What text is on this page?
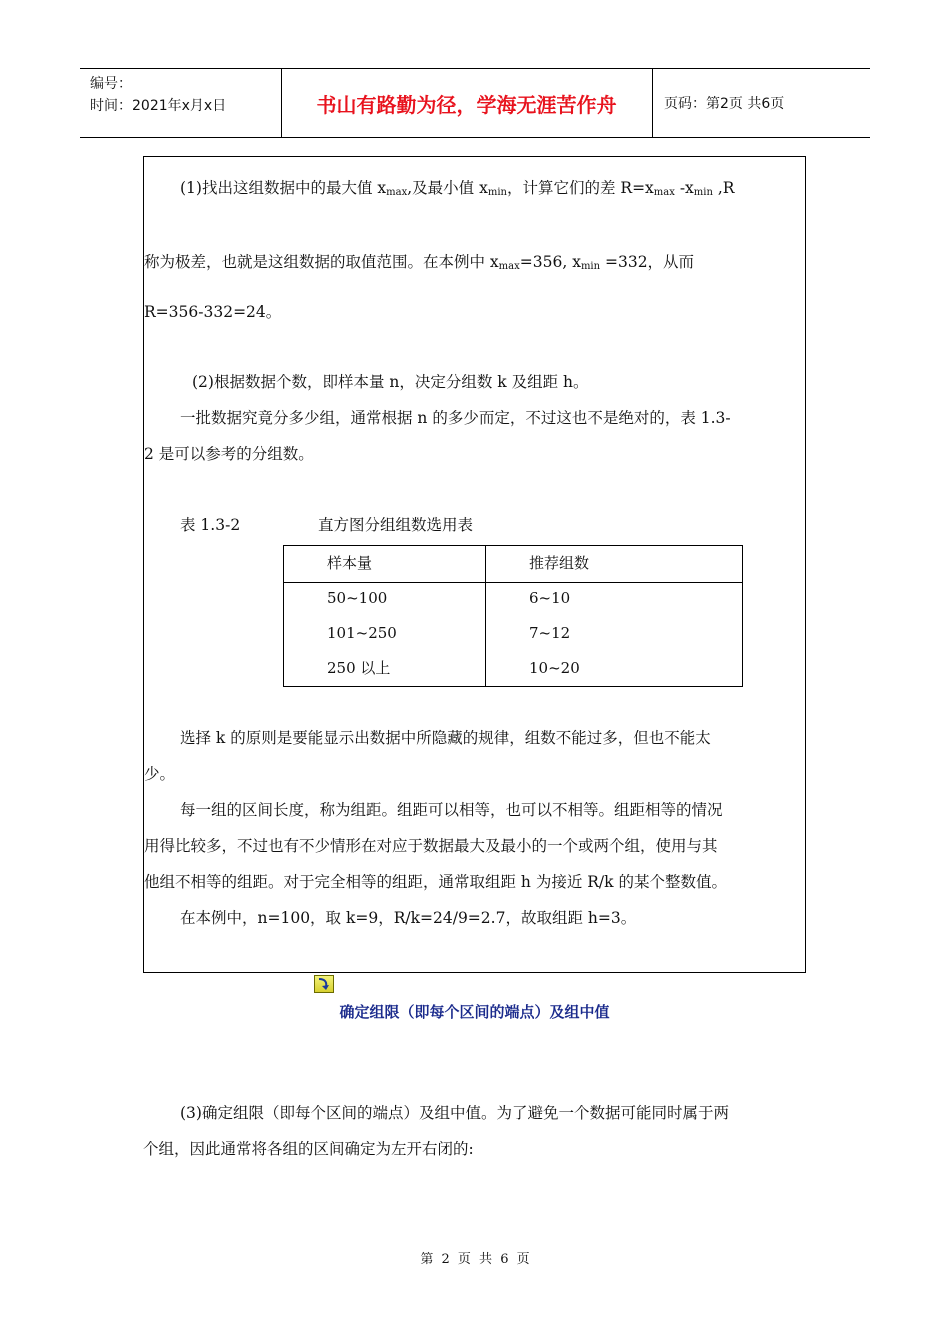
编号：
时间：2021年x月x日	书山有路勤为径，学海无涯苦作舟	页码：第2页 共6页
(1)找出这组数据中的最大值 $x_{max}$,及最小值 $x_{min}$，计算它们的差 $R=x_{max}$ $-x_{min}$ ,R
称为极差，也就是这组数据的取值范围。在本例中 $x_{max}=356$, $x_{min} =332$，从而
R=356-332=24。
(2)根据数据个数，即样本量 n，决定分组数 k 及组距 h。
一批数据究竟分多少组，通常根据 n 的多少而定，不过这也不是绝对的，表 1.3-
2 是可以参考的分组数。
表 1.3-2	直方图分组组数选用表
样本量	推荐组数
50~100	6~10
101~250	7~12
250 以上	10~20
选择 k 的原则是要能显示出数据中所隐藏的规律，组数不能过多，但也不能太
少。
每一组的区间长度，称为组距。组距可以相等，也可以不相等。组距相等的情况
用得比较多，不过也有不少情形在对应于数据最大及最小的一个或两个组，使用与其
他组不相等的组距。对于完全相等的组距，通常取组距 h 为接近 R/k 的某个整数值。
在本例中，n=100，取 k=9，R/k=24/9=2.7，故取组距 h=3。
确定组限（即每个区间的端点）及组中值
(3)确定组限（即每个区间的端点）及组中值。为了避免一个数据可能同时属于两
个组，因此通常将各组的区间确定为左开右闭的:
第 2 页 共 6 页
